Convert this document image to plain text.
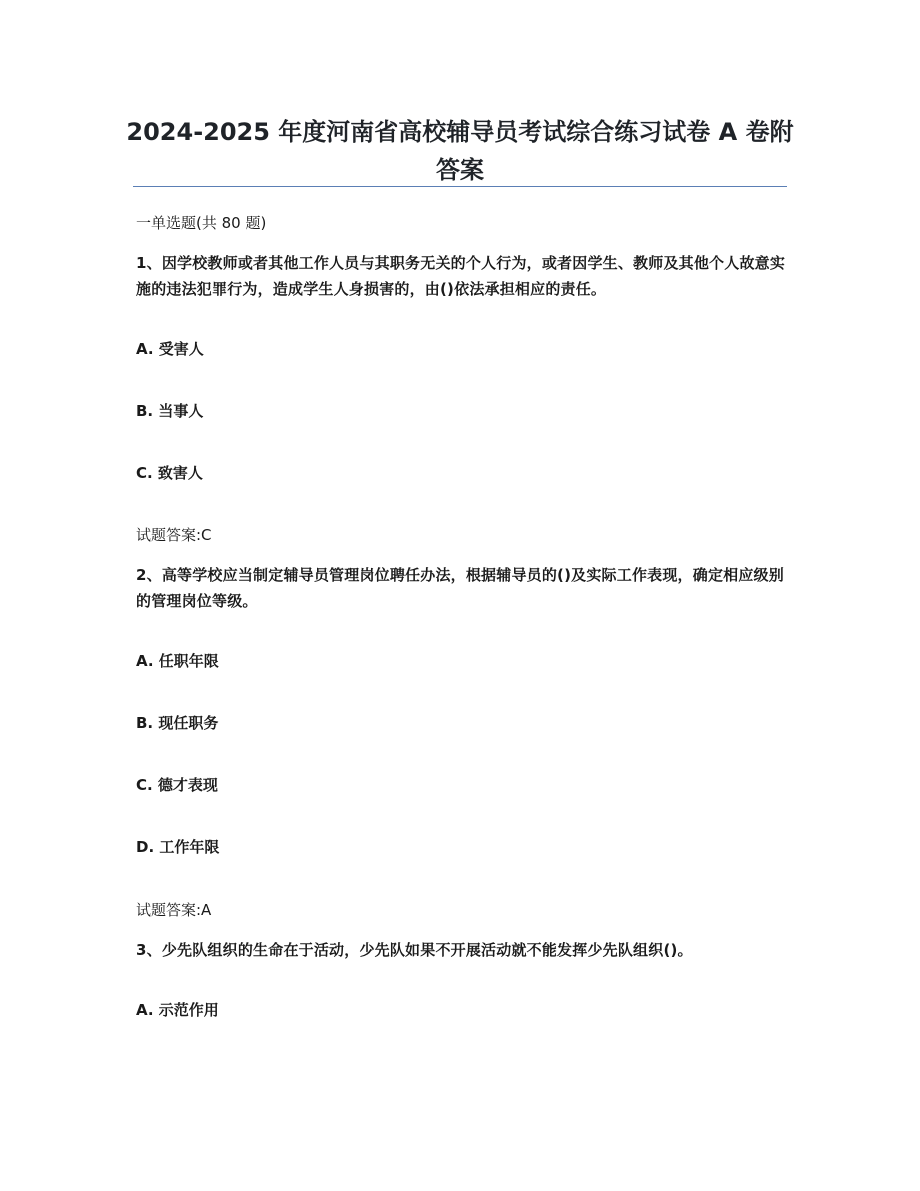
2024-2025 年度河南省高校辅导员考试综合练习试卷 A 卷附答案
一单选题(共 80 题)
1、因学校教师或者其他工作人员与其职务无关的个人行为，或者因学生、教师及其他个人故意实施的违法犯罪行为，造成学生人身损害的，由()依法承担相应的责任。
A. 受害人
B. 当事人
C. 致害人
试题答案:C
2、高等学校应当制定辅导员管理岗位聘任办法，根据辅导员的()及实际工作表现，确定相应级别的管理岗位等级。
A. 任职年限
B. 现任职务
C. 德才表现
D. 工作年限
试题答案:A
3、少先队组织的生命在于活动，少先队如果不开展活动就不能发挥少先队组织()。
A. 示范作用
